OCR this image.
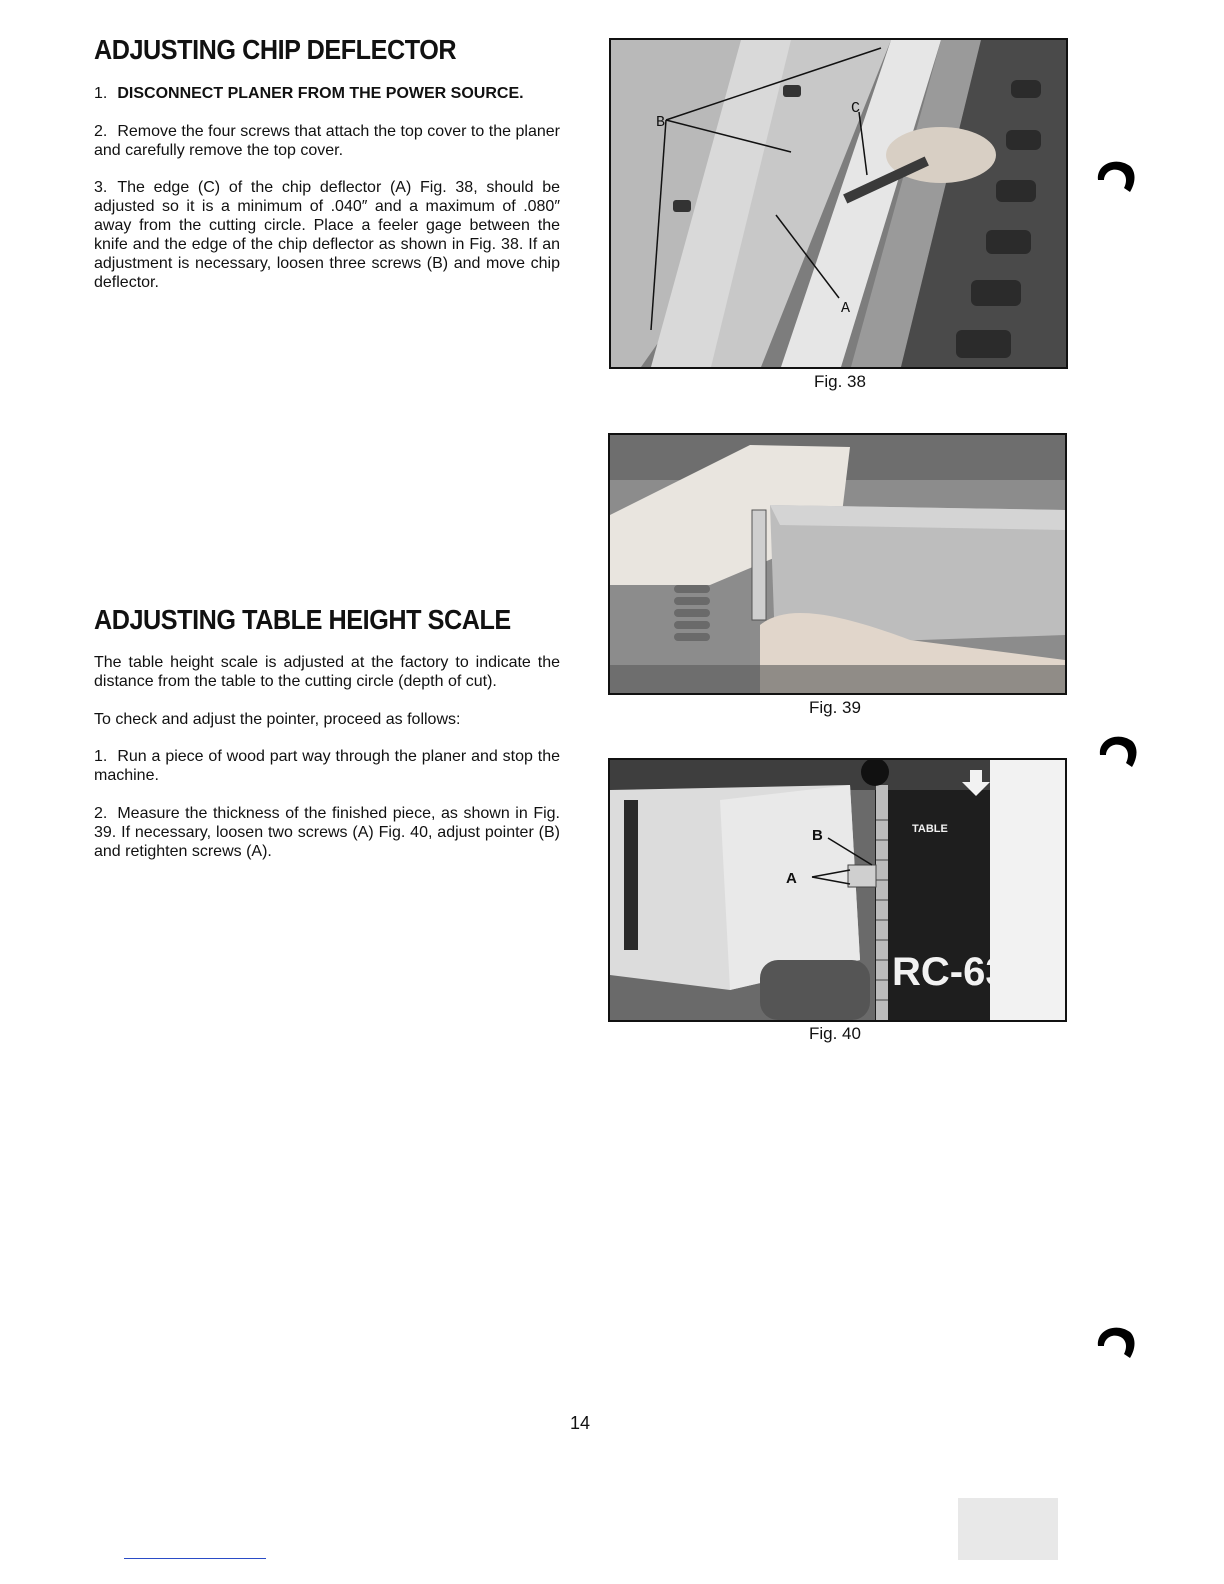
ADJUSTING CHIP DEFLECTOR

1. DISCONNECT PLANER FROM THE POWER SOURCE.

2. Remove the four screws that attach the top cover to the planer and carefully remove the top cover.

3. The edge (C) of the chip deflector (A) Fig. 38, should be adjusted so it is a minimum of .040″ and a maximum of .080″ away from the cutting circle. Place a feeler gage between the knife and the edge of the chip deflector as shown in Fig. 38. If an adjustment is necessary, loosen three screws (B) and move chip deflector.

ADJUSTING TABLE HEIGHT SCALE

The table height scale is adjusted at the factory to indicate the distance from the table to the cutting circle (depth of cut).

To check and adjust the pointer, proceed as follows:

1. Run a piece of wood part way through the planer and stop the machine.

2. Measure the thickness of the finished piece, as shown in Fig. 39. If necessary, loosen two screws (A) Fig. 40, adjust pointer (B) and retighten screws (A).

B
C
A

Fig. 38

Fig. 39

B
A
TABLE
RC-63

Fig. 40

14
